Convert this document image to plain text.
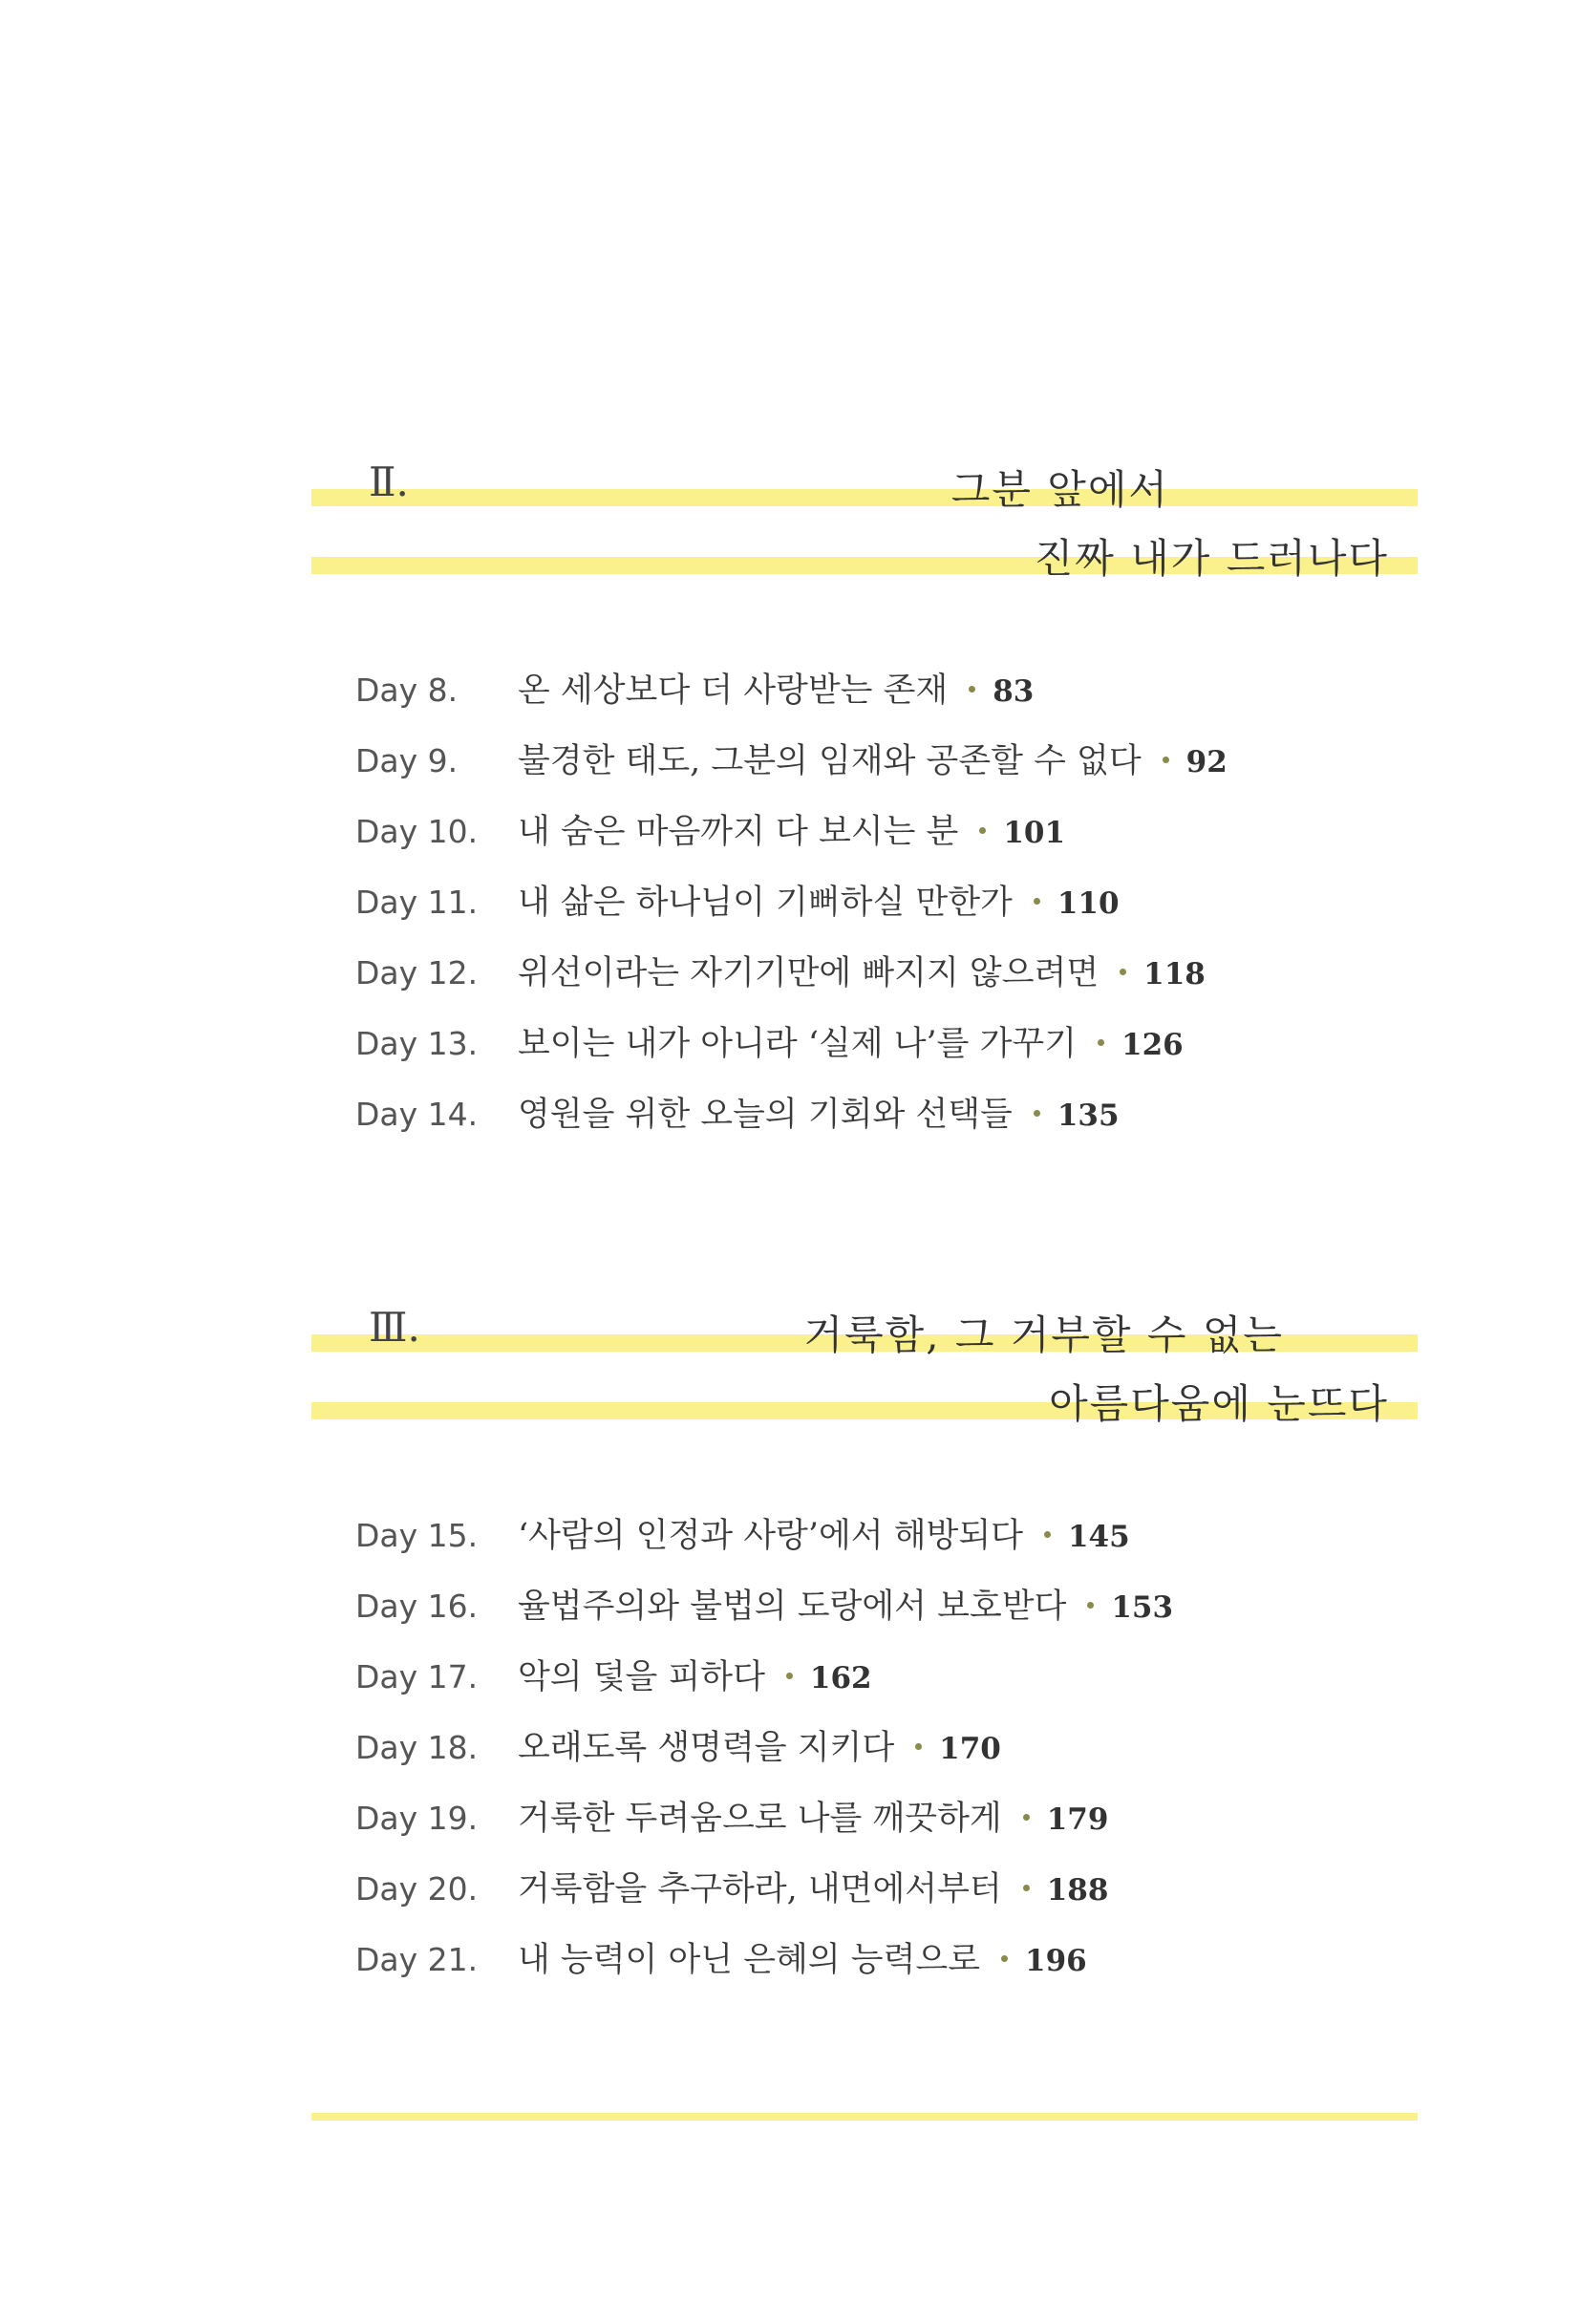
Ⅱ.	그분 앞에서
진짜 내가 드러나다
Day 8.	온 세상보다 더 사랑받는 존재 83
Day 9.	불경한 태도, 그분의 임재와 공존할 수 없다 92
Day 10.	내 숨은 마음까지 다 보시는 분 101
Day 11.	내 삶은 하나님이 기뻐하실 만한가 110
Day 12.	위선이라는 자기기만에 빠지지 않으려면 118
Day 13.	보이는 내가 아니라 ‘실제 나’를 가꾸기 126
Day 14.	영원을 위한 오늘의 기회와 선택들 135
Ⅲ.	거룩함, 그 거부할 수 없는
아름다움에 눈뜨다
Day 15.	‘사람의 인정과 사랑’에서 해방되다 145
Day 16.	율법주의와 불법의 도랑에서 보호받다 153
Day 17.	악의 덫을 피하다 162
Day 18.	오래도록 생명력을 지키다 170
Day 19.	거룩한 두려움으로 나를 깨끗하게 179
Day 20.	거룩함을 추구하라, 내면에서부터 188
Day 21.	내 능력이 아닌 은혜의 능력으로 196
